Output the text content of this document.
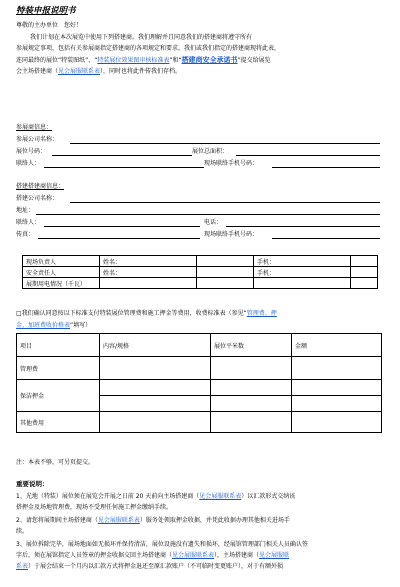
特装申报说明书
尊敬的主办单位　您好！
我们计划在本次展览中使用下列搭建商。我们理解并且同意我们的搭建商将遵守所有
参展规定事项，包括有关参展商指定搭建商的各项规定和要求。我们或我们指定的搭建商现将此表，
连同最终的展位“特装图纸”、“特装展位效果图审核标准表”和“搭建商安全承诺书”提交给展览
会主场搭建商（见会展服联系表），同时也将此件传我们存档。
参展商信息：
参展公司名称：
展位号码：	展位总面积：
联络人：	现场联络手机号码：
搭建搭建商信息：
搭建公司名称：
地址：
联络人：	电话：
传真：	现场联络手机号码：
现场负责人	姓名：		手机：	
安全责任人	姓名：		手机：	
展期用电情况（千瓦）				
□我们确认同意按以下标准支付特装展位管理费和施工押金等费用，收费标准表（参见“管理费、押
金、加班费收价格表”填写）
项目	内容/规格	展位平米数	金额
管理费			
保洁押金			

其他费用			
注：本表不够，可另页提交。
重要说明：
1、光地（特装）展位须在展览会开展之日前 20 天前向主场搭建商（见会展服联系表）以汇款形式交纳该
搭押金及场地管理费，现场不受理任何施工押金缴纳手续。
2、请您将展期间主场搭建商（见会展服联系表）服务处领取押金收据，并凭此收据办理其他相关进场手
续。
3、展位拆除完毕，展场地面如无损坏并保持清洁，展位设施没有遗失和损坏，经展馆管理部门相关人员确认签
字后，须在展馆指定人员签章的押金收据交回主场搭建商（见会展服联系表），主场搭建商（见会展服联
系表）于展会结束一个月内以汇款方式将押金退还至原汇款账户（不可临时变更账户），对于有额外损
